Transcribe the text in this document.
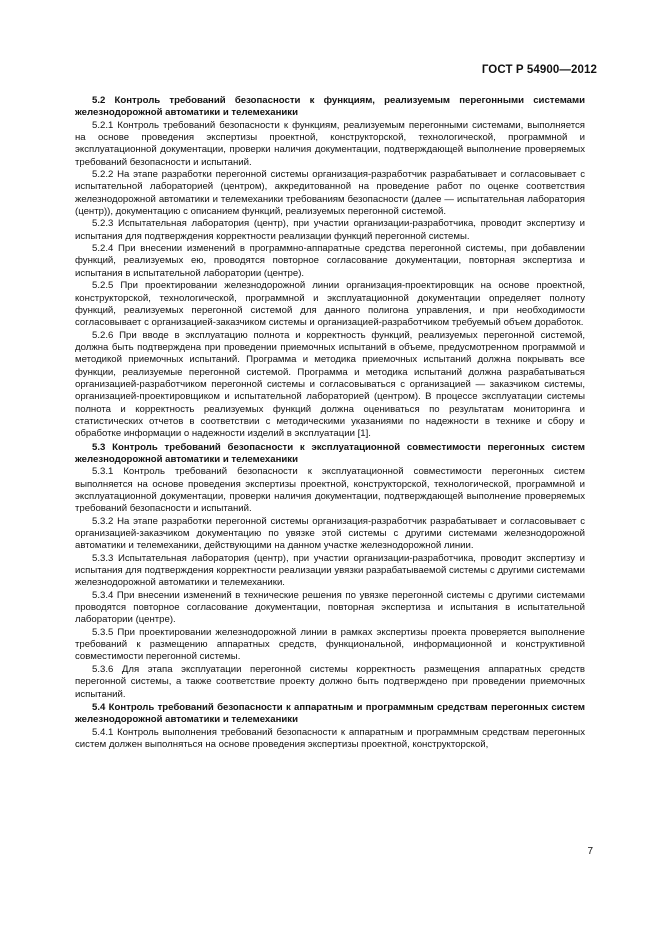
ГОСТ Р 54900—2012

5.2 Контроль требований безопасности к функциям, реализуемым перегонными системами железнодорожной автоматики и телемеханики

5.2.1 Контроль требований безопасности к функциям, реализуемым перегонными системами, выполняется на основе проведения экспертизы проектной, конструкторской, технологической, программной и эксплуатационной документации, проверки наличия документации, подтверждающей выполнение проверяемых требований безопасности и испытаний.

5.2.2 На этапе разработки перегонной системы организация-разработчик разрабатывает и согласовывает с испытательной лабораторией (центром), аккредитованной на проведение работ по оценке соответствия железнодорожной автоматики и телемеханики требованиям безопасности (далее — испытательная лаборатория (центр)), документацию с описанием функций, реализуемых перегонной системой.

5.2.3 Испытательная лаборатория (центр), при участии организации-разработчика, проводит экспертизу и испытания для подтверждения корректности реализации функций перегонной системы.

5.2.4 При внесении изменений в программно-аппаратные средства перегонной системы, при добавлении функций, реализуемых ею, проводятся повторное согласование документации, повторная экспертиза и испытания в испытательной лаборатории (центре).

5.2.5 При проектировании железнодорожной линии организация-проектировщик на основе проектной, конструкторской, технологической, программной и эксплуатационной документации определяет полноту функций, реализуемых перегонной системой для данного полигона управления, и при необходимости согласовывает с организацией-заказчиком системы и организацией-разработчиком требуемый объем доработок.

5.2.6 При вводе в эксплуатацию полнота и корректность функций, реализуемых перегонной системой, должна быть подтверждена при проведении приемочных испытаний в объеме, предусмотренном программой и методикой приемочных испытаний. Программа и методика приемочных испытаний должна покрывать все функции, реализуемые перегонной системой. Программа и методика испытаний должна разрабатываться организацией-разработчиком перегонной системы и согласовываться с организацией — заказчиком системы, организацией-проектировщиком и испытательной лабораторией (центром). В процессе эксплуатации системы полнота и корректность реализуемых функций должна оцениваться по результатам мониторинга и статистических отчетов в соответствии с методическими указаниями по надежности в технике и сбору и обработке информации о надежности изделий в эксплуатации [1].

5.3 Контроль требований безопасности к эксплуатационной совместимости перегонных систем железнодорожной автоматики и телемеханики

5.3.1 Контроль требований безопасности к эксплуатационной совместимости перегонных систем выполняется на основе проведения экспертизы проектной, конструкторской, технологической, программной и эксплуатационной документации, проверки наличия документации, подтверждающей выполнение проверяемых требований безопасности и испытаний.

5.3.2 На этапе разработки перегонной системы организация-разработчик разрабатывает и согласовывает с организацией-заказчиком документацию по увязке этой системы с другими системами железнодорожной автоматики и телемеханики, действующими на данном участке железнодорожной линии.

5.3.3 Испытательная лаборатория (центр), при участии организации-разработчика, проводит экспертизу и испытания для подтверждения корректности реализации увязки разрабатываемой системы с другими системами железнодорожной автоматики и телемеханики.

5.3.4 При внесении изменений в технические решения по увязке перегонной системы с другими системами проводятся повторное согласование документации, повторная экспертиза и испытания в испытательной лаборатории (центре).

5.3.5 При проектировании железнодорожной линии в рамках экспертизы проекта проверяется выполнение требований к размещению аппаратных средств, функциональной, информационной и конструктивной совместимости перегонной системы.

5.3.6 Для этапа эксплуатации перегонной системы корректность размещения аппаратных средств перегонной системы, а также соответствие проекту должно быть подтверждено при проведении приемочных испытаний.

5.4 Контроль требований безопасности к аппаратным и программным средствам перегонных систем железнодорожной автоматики и телемеханики

5.4.1 Контроль выполнения требований безопасности к аппаратным и программным средствам перегонных систем должен выполняться на основе проведения экспертизы проектной, конструкторской,

7
